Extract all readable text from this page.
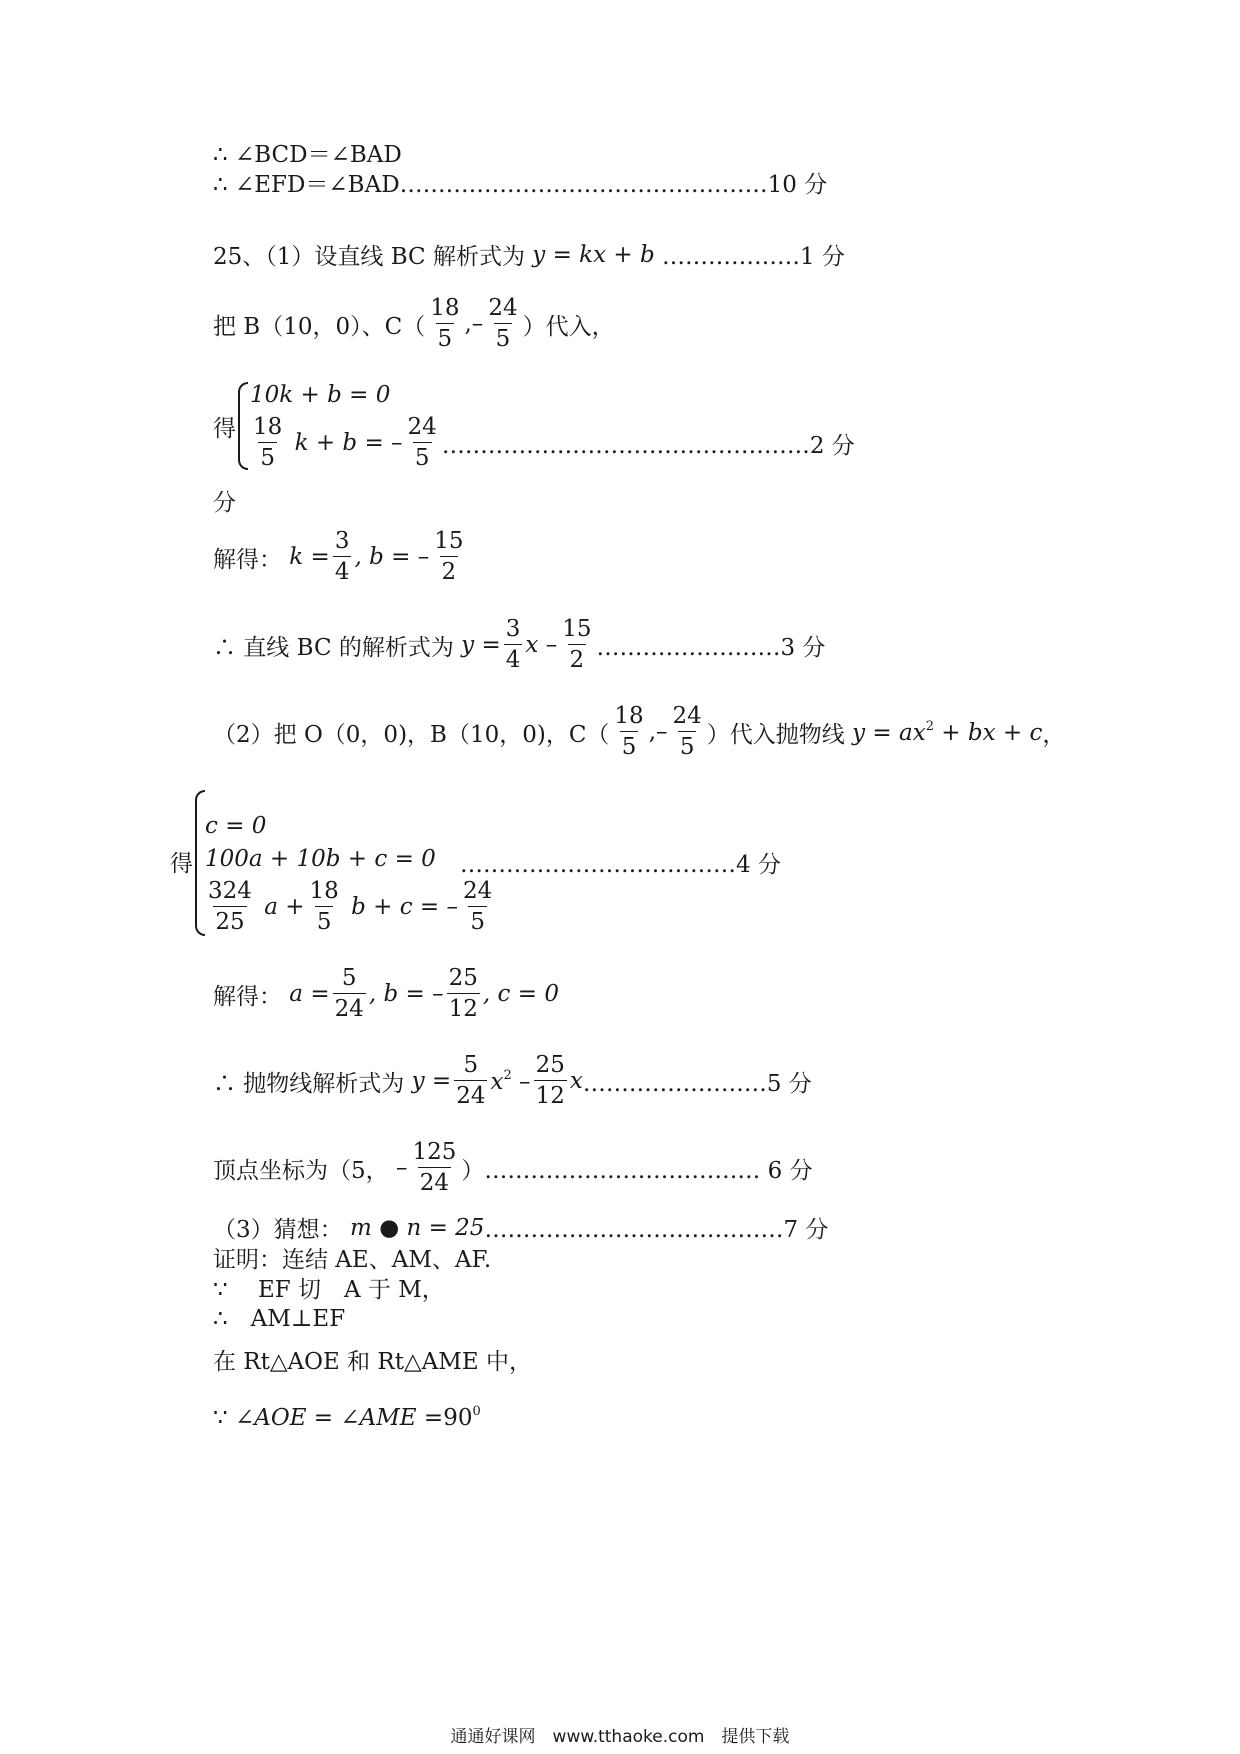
∴ ∠BCD＝∠BAD
∴ ∠EFD＝∠BAD…………………………………………10 分
25、（1）设直线 BC 解析式为 y = kx + b ………………1 分
把 B（10，0）、$C( \frac{18}{5}$ ,– $\frac{24}{5}$ ）代入，
得
10k + b = 0
$\frac{18}{5}$ k + b = – $\frac{24}{5}$ …………………………………………2 分
分
解得： $k = \frac{3}{4}$ , b = – $\frac{15}{2}$
∴ 直线 BC 的解析式为 $y = \frac{3}{4}$ x – $\frac{15}{2}$ ……………………3 分
（2）把 O（0，0)，B（10，0)，$C( \frac{18}{5}$ ,– $\frac{24}{5}$ ）代入抛物线 $y = ax^2$ + bx + c ，
得
c = 0
100a + 10b + c = 0 ………………………………4 分
$\frac{324}{25}$ $a + \frac{18}{5}$ b + c = – $\frac{24}{5}$
解得： $a = \frac{5}{24}$ , b = – $\frac{25}{12}$ , c = 0
∴ 抛物线解析式为 $y = \frac{5}{24} x^2 - \frac{25}{12}$ x ……………………5 分
顶点坐标为（5， – $\frac{125}{24}$ ） ……………………………… 6 分
（3）猜想： m ● n = 25 …………………………………7 分
证明：连结 AE、AM、AF.
∵　 EF 切　A 于 M，
∴　AM⊥EF
在 Rt△AOE 和 Rt△AME 中，
∵ ∠AOE = ∠AME = $90^0$
通通好课网　www.tthaoke.com　提供下载
